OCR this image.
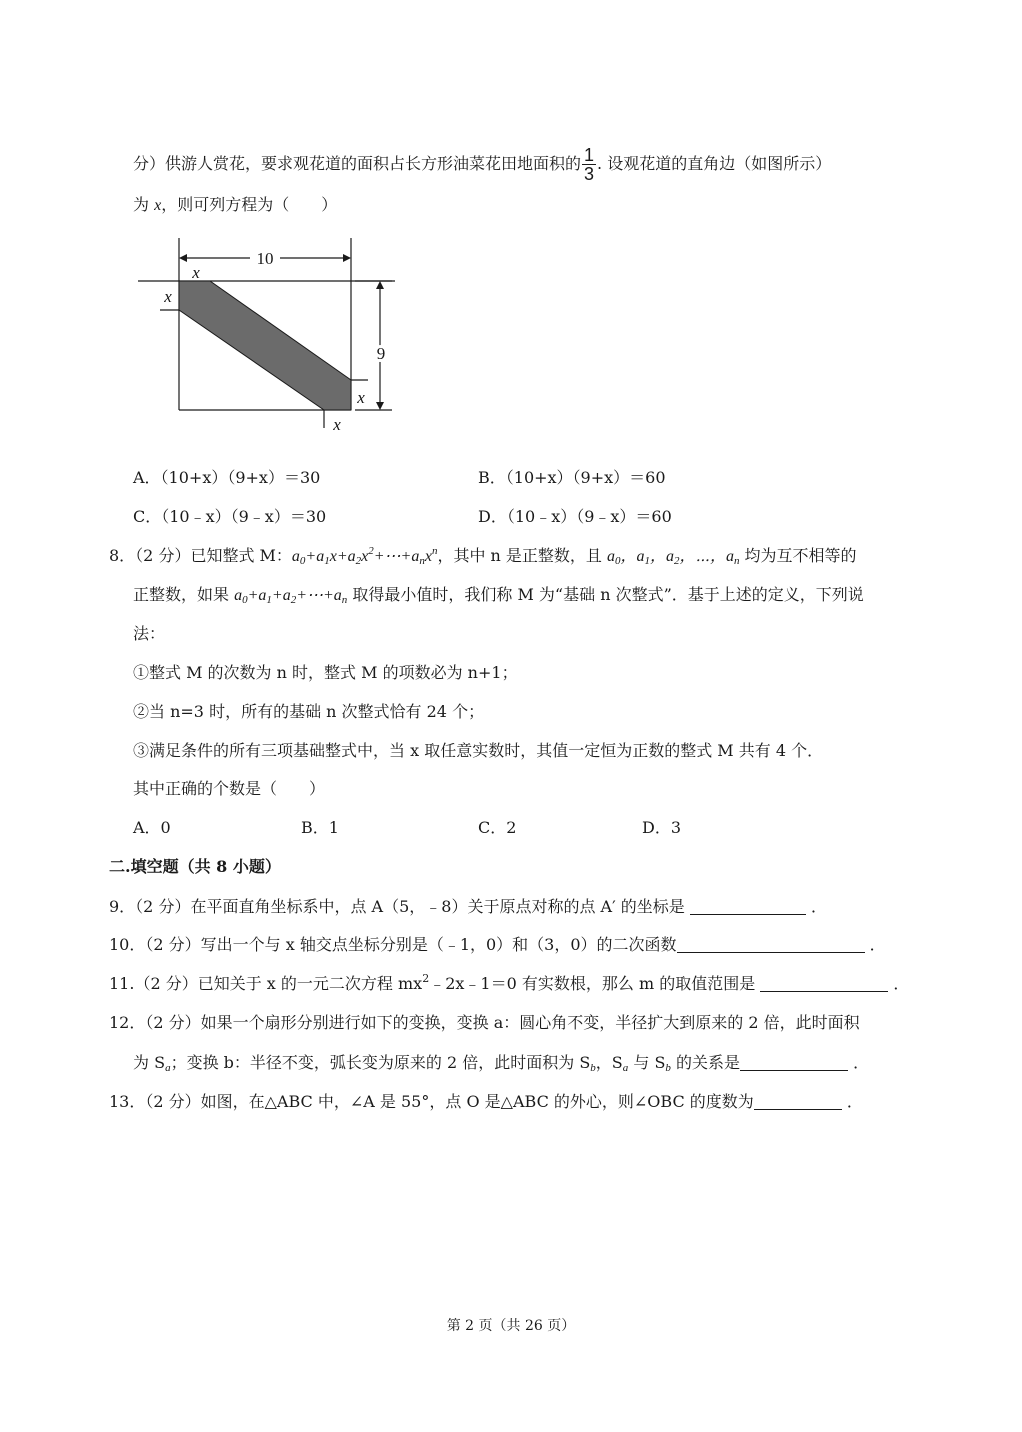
分）供游人赏花，要求观花道的面积占长方形油菜花田地面积的 $\frac{1}{3}$ . 设观花道的直角边（如图所示）
为 x，则可列方程为（　　）
10
9
x
x
x
x
A．（10+x）（9+x）＝30	B．（10+x）（9+x）＝60
C．（10﹣x）（9﹣x）＝30	D．（10﹣x）（9﹣x）＝60
8．（2 分）已知整式 M：$a_0+a_1x+a_2x^2+\cdots+a_nx^n$，其中 n 是正整数，且 $a_0$，$a_1$，$a_2$，⋯，$a_n$ 均为互不相等的
正整数，如果 $a_0+a_1+a_2+\cdots+a_n$ 取得最小值时，我们称 M 为“基础 n 次整式”．基于上述的定义，下列说
法：
①整式 M 的次数为 n 时，整式 M 的项数必为 n+1；
②当 n=3 时，所有的基础 n 次整式恰有 24 个；
③满足条件的所有三项基础整式中，当 x 取任意实数时，其值一定恒为正数的整式 M 共有 4 个．
其中正确的个数是（　　）
A．0	B．1	C．2	D．3
二.填空题（共 8 小题）
9．（2 分）在平面直角坐标系中，点 A（5，﹣8）关于原点对称的点 A′ 的坐标是	．
10．（2 分）写出一个与 x 轴交点坐标分别是（﹣1，0）和（3，0）的二次函数	．
11.（2 分）已知关于 x 的一元二次方程 $mx^2﹣2x﹣1=0$ 有实数根，那么 m 的取值范围是	．
12．（2 分）如果一个扇形分别进行如下的变换，变换 a：圆心角不变，半径扩大到原来的 2 倍，此时面积
为 $S_a$；变换 b：半径不变，弧长变为原来的 2 倍，此时面积为 $S_b$，$S_a$ 与 $S_b$ 的关系是	．
13．（2 分）如图，在△ABC 中，∠A 是 55°，点 O 是△ABC 的外心，则∠OBC 的度数为	．
第 2 页（共 26 页）
